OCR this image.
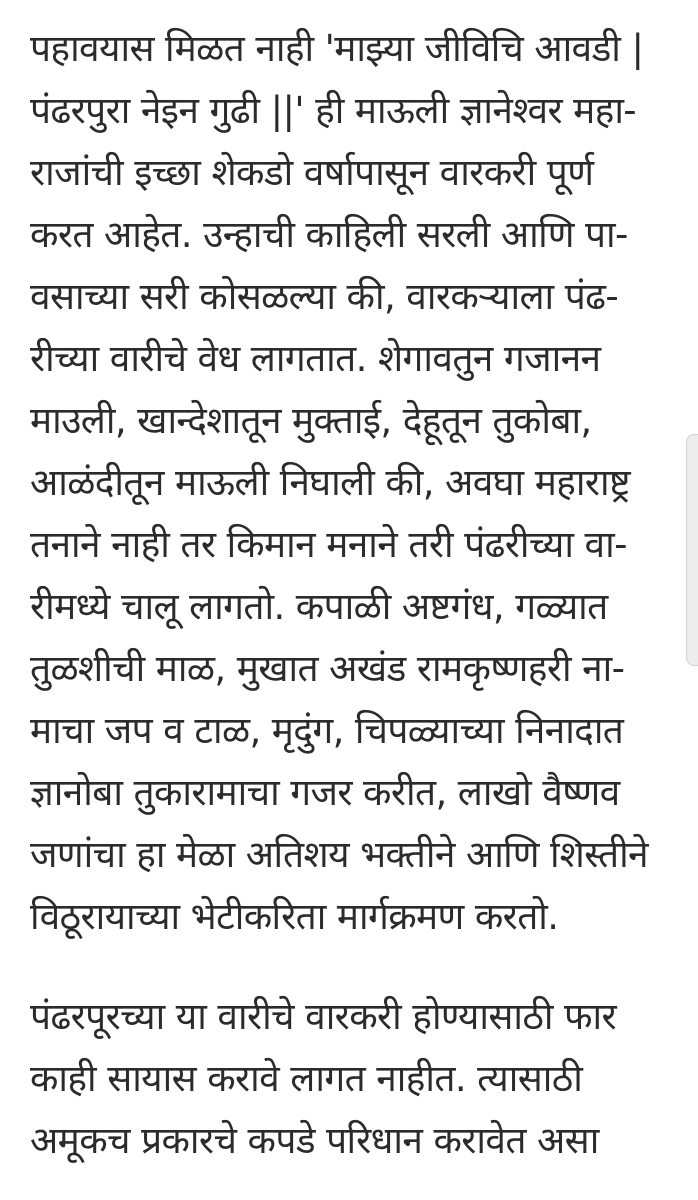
पहावयास मिळत नाही 'माझ्या जीविचि आवडी |
पंढरपुरा नेइन गुढी ||' ही माऊली ज्ञानेश्वर महा-
राजांची इच्छा शेकडो वर्षापासून वारकरी पूर्ण
करत आहेत. उन्हाची काहिली सरली आणि पा-
वसाच्या सरी कोसळल्या की, वारकऱ्याला पंढ-
रीच्या वारीचे वेध लागतात. शेगावतुन गजानन
माउली, खान्देशातून मुक्ताई, देहूतून तुकोबा,
आळंदीतून माऊली निघाली की, अवघा महाराष्ट्र
तनाने नाही तर किमान मनाने तरी पंढरीच्या वा-
रीमध्ये चालू लागतो. कपाळी अष्टगंध, गळ्यात
तुळशीची माळ, मुखात अखंड रामकृष्णहरी ना-
माचा जप व टाळ, मृदुंग, चिपळ्याच्या निनादात
ज्ञानोबा तुकारामाचा गजर करीत, लाखो वैष्णव
जणांचा हा मेळा अतिशय भक्तीने आणि शिस्तीने
विठूरायाच्या भेटीकरिता मार्गक्रमण करतो.
पंढरपूरच्या या वारीचे वारकरी होण्यासाठी फार
काही सायास करावे लागत नाहीत. त्यासाठी
अमूकच प्रकारचे कपडे परिधान करावेत असा
